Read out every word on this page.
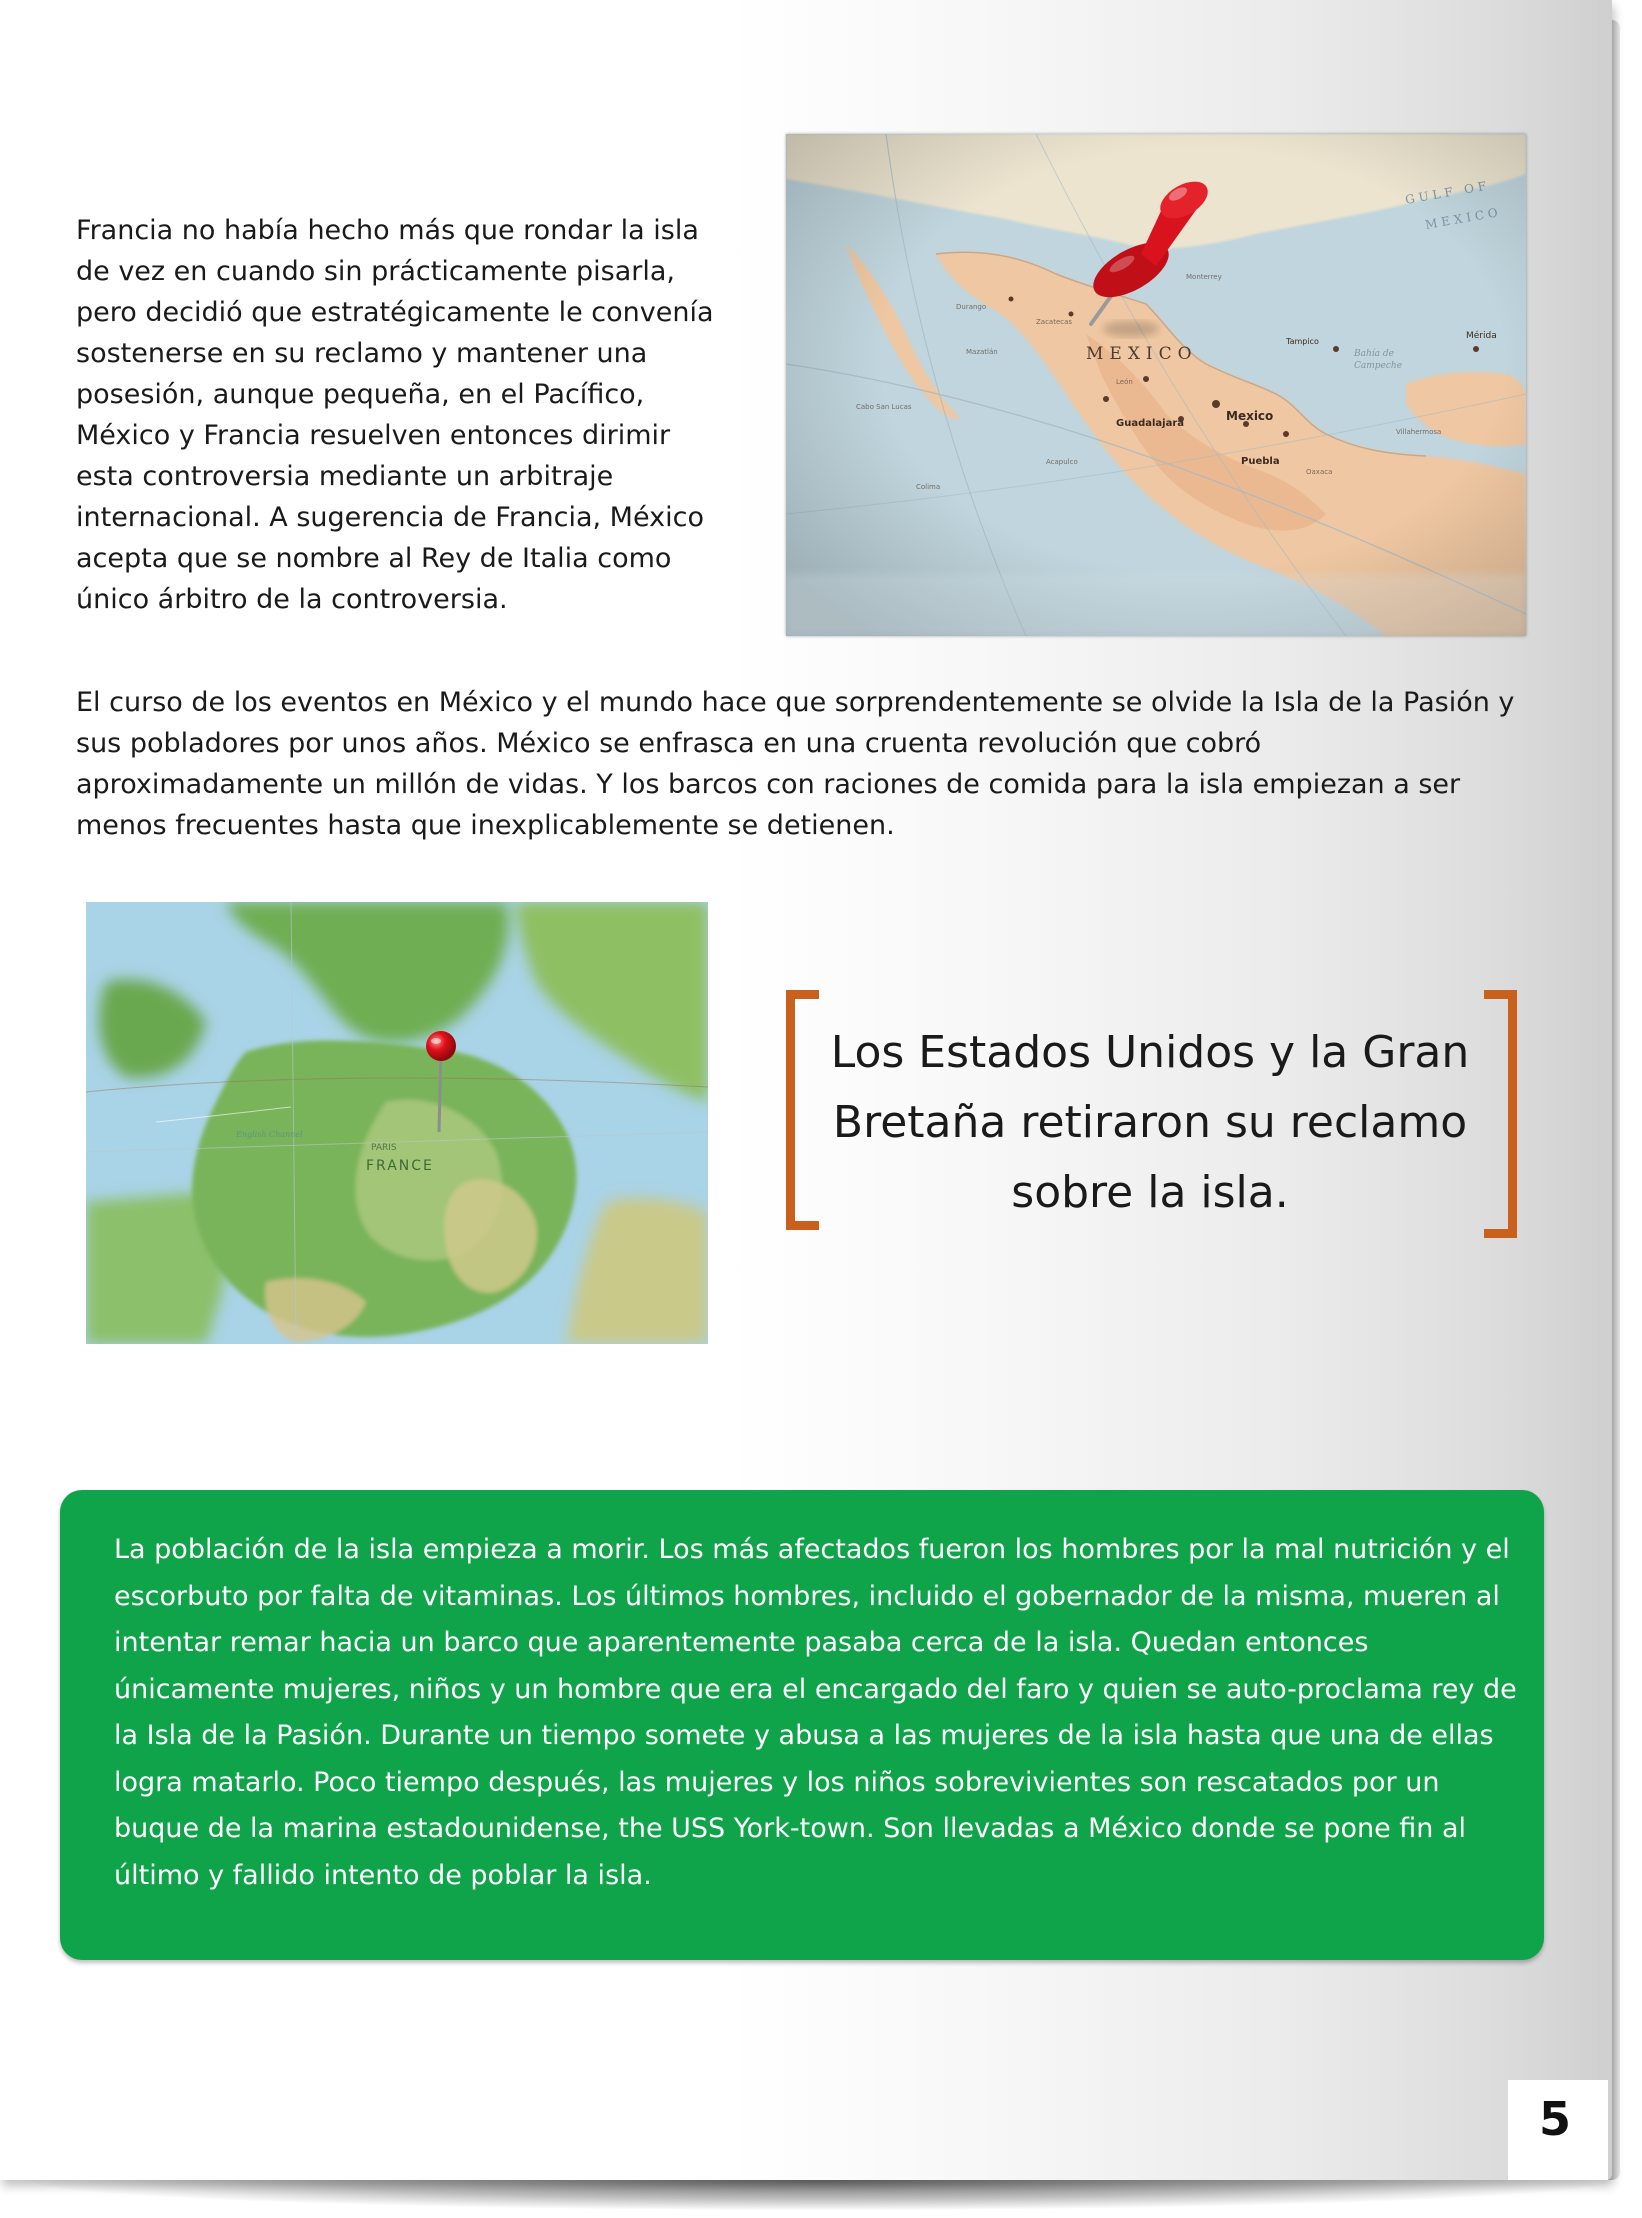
Francia no había hecho más que rondar la isla de vez en cuando sin prácticamente pisarla, pero decidió que estratégicamente le convenía sostenerse en su reclamo y mantener una posesión, aunque pequeña, en el Pacífico, México y Francia resuelven entonces dirimir esta controversia mediante un arbitraje internacional. A sugerencia de Francia, México acepta que se nombre al Rey de Italia como único árbitro de la controversia.

El curso de los eventos en México y el mundo hace que sorprendentemente se olvide la Isla de la Pasión y sus pobladores por unos años. México se enfrasca en una cruenta revolución que cobró aproximadamente un millón de vidas. Y los barcos con raciones de comida para la isla empiezan a ser menos frecuentes hasta que inexplicablemente se detienen.

FRANCE
PARIS
English Channel
Los Estados Unidos y la Gran Bretaña retiraron su reclamo sobre la isla.

La población de la isla empieza a morir. Los más afectados fueron los hombres por la mal nutrición y el escorbuto por falta de vitaminas. Los últimos hombres, incluido el gobernador de la misma, mueren al intentar remar hacia un barco que aparentemente pasaba cerca de la isla. Quedan entonces únicamente mujeres, niños y un hombre que era el encargado del faro y quien se auto-proclama rey de la Isla de la Pasión. Durante un tiempo somete y abusa a las mujeres de la isla hasta que una de ellas logra matarlo. Poco tiempo después, las mujeres y los niños sobrevivientes son rescatados por un buque de la marina estadounidense, the USS York-town. Son llevadas a México donde se pone fin al último y fallido intento de poblar la isla.

5
